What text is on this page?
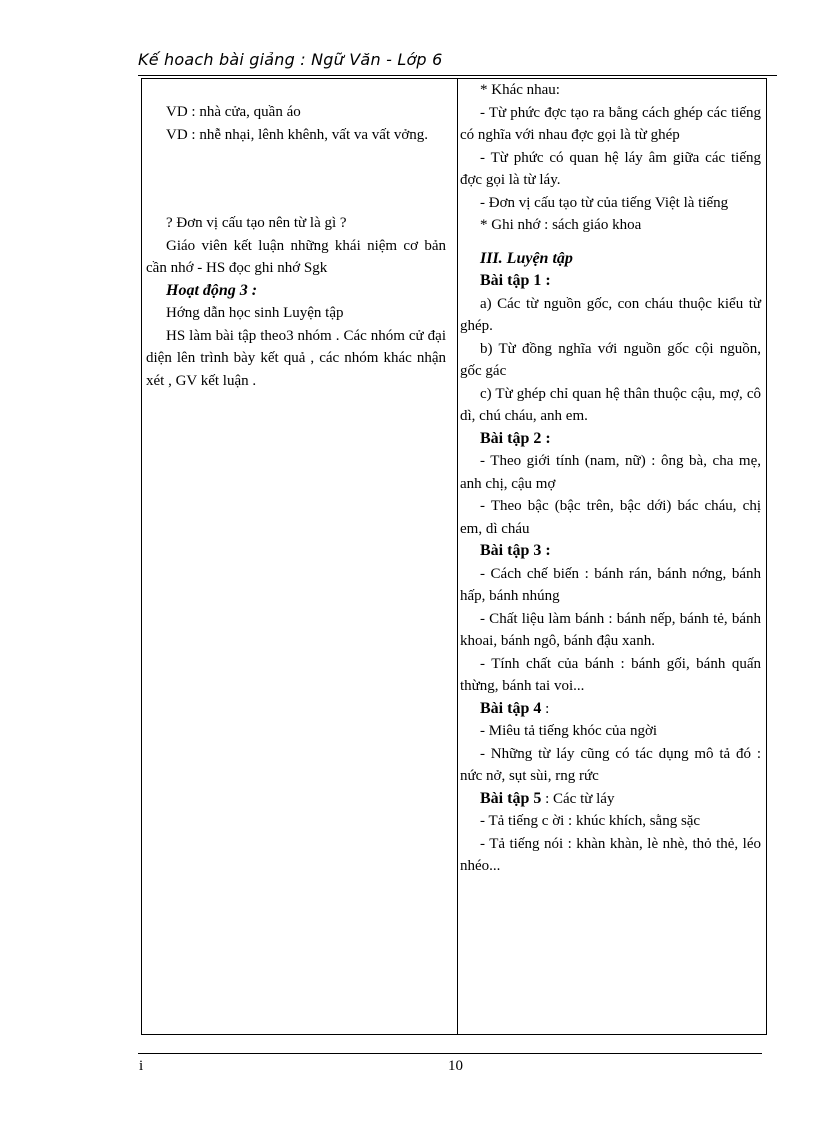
Kế hoach bài giảng : Ngữ Văn - Lớp 6

VD : nhà cửa, quần áo

VD : nhễ nhại, lênh khênh, vất va vất vởng.

? Đơn vị cấu tạo nên từ là gì ?

Giáo viên kết luận những khái niệm cơ bản cần nhớ - HS đọc ghi nhớ Sgk

Hoạt động 3 :

Hớng dẫn học sinh Luyện tập

HS làm bài tập theo3 nhóm . Các nhóm cử đại diện lên trình bày kết quả , các nhóm khác nhận xét , GV kết luận .

* Khác nhau:

- Từ phức đợc tạo ra bằng cách ghép các tiếng có nghĩa với nhau đợc gọi là từ ghép

- Từ phức có quan hệ láy âm giữa các tiếng đợc gọi là từ láy.

- Đơn vị cấu tạo từ của tiếng Việt là tiếng

* Ghi nhớ : sách giáo khoa

III. Luyện tập

Bài tập 1 :

a) Các từ nguồn gốc, con cháu thuộc kiểu từ ghép.

b) Từ đồng nghĩa với nguồn gốc cội nguồn, gốc gác

c) Từ ghép chỉ quan hệ thân thuộc cậu, mợ, cô dì, chú cháu, anh em.

Bài tập 2 :

- Theo giới tính (nam, nữ) : ông bà, cha mẹ, anh chị, cậu mợ

- Theo bậc (bậc trên, bậc dới) bác cháu, chị em, dì cháu

Bài tập 3 :

- Cách chế biến : bánh rán, bánh nớng, bánh hấp, bánh nhúng

- Chất liệu làm bánh : bánh nếp, bánh tẻ, bánh khoai, bánh ngô, bánh đậu xanh.

- Tính chất của bánh : bánh gối, bánh quấn thừng, bánh tai voi...

Bài tập 4 :

- Miêu tả tiếng khóc của ngời

- Những từ láy cũng có tác dụng mô tả đó : nức nở, sụt sùi, rng rức

Bài tập 5 : Các từ láy

- Tả tiếng c ời : khúc khích, sằng sặc

- Tả tiếng nói : khàn khàn, lè nhè, thỏ thẻ, léo nhéo...

i	10
